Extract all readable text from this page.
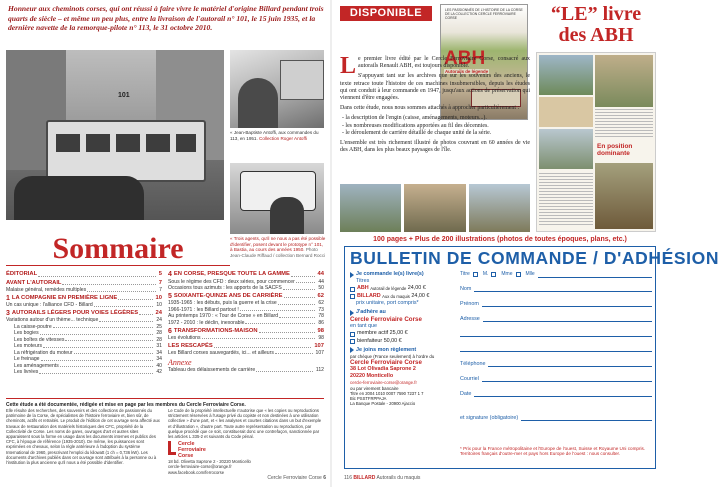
Honneur aux cheminots corses, qui ont réussi à faire vivre le matériel d'origine Billard pendant trois quarts de siècle – et même un peu plus, entre la livraison de l'autorail n° 101, le 15 juin 1935, et la dernière navette de la remorque-pilote n° 113, le 31 octobre 2010.
101
« Jean-Baptiste Antoffi, aux commandes du 113, en 1951. Collection Roger Antoffi
« Trois agents, qu'il ne nous a pas été possible d'identifier, posent devant le prototype n° 101, à Bastia, au cours des années 1950. Photo Jean-Claude Riffaud / collection Bernard Rocci
Sommaire
ÉDITORIAL	5
AVANT L'AUTORAIL	7
Malaise général, remèdes multiples	7
1 LA COMPAGNIE EN PREMIÈRE LIGNE	10
Un cas unique : l'alliance CFD - Billard	10
3 AUTORAILS LÉGERS POUR VOIES LÉGÈRES	24
Variations autour d'un thème... technique	24
La caisse-poutre	25
Les bogies	28
Les boîtes de vitesses	28
Les moteurs	31
La réfrigération du moteur	34
Le freinage	34
Les aménagements	40
Les livrées	42
4 EN CORSE, PRESQUE TOUTE LA GAMME	44
Sous le régime des CFD : deux séries, pour commencer	44
Occasions tous azimuts : les apports de la SACFS	50
5 SOIXANTE-QUINZE ANS DE CARRIÈRE	62
1935-1965 : les débuts, puis la guerre et la crise	62
1966-1971 : les Billard partout !	73
Au printemps 1970 : « Tour de Corse » en Billard	78
1972 - 2010 : le déclin, inexorable	86
6 TRANSFORMATIONS-MAISON	98
Les évolutions	98
LES RESCAPÉS	107
Les Billard corses sauvegardés, ici... et ailleurs	107
Annexe
Tableau des délaissements de carrière	112
Cette étude a été documentée, rédigée et mise en page par les membres du Cercle Ferroviaire Corse.
Elle résulte des recherches, des souvenirs et des collections de passionnés du patrimoine de la Corse, de spécialistes de l'histoire ferroviaire et, bien sûr, de cheminots, actifs et retraités. Le produit de l'édition de cet ouvrage sera affecté aux travaux de restauration des matériels historiques des CFC, propriété de la Collectivité de Corse. Les noms de gares, ouvrages d'art et autres sites apparaissent sous la forme en usage dans les documents internes et publics des CFC, à l'époque de référence (1935-2010). De même, les puissances sont exprimées en chevaux, selon la règle antérieure à l'adoption du système International de 1960, prescrivant l'emploi du kilowatt (1 ch = 0,736 kW). Les documents d'archives publiés dans cet ouvrage sont attribués à la personne ou à l'institution la plus ancienne qu'il nous a été possible d'identifier.
Le Code de la propriété intellectuelle n'autorise que « les copies ou reproductions strictement réservées à l'usage privé du copiste et non destinées à une utilisation collective » d'une part, et « les analyses et courtes citations dans un but d'exemple et d'illustration », d'autre part. Toute autre représentation ou reproduction, par quelque procédé que ce soit, constituerait donc une contrefaçon, sanctionnée par les articles L 335-2 et suivants du Code pénal.
Cercle
Ferroviaire
Corse
18 bd. Olivetta Saprone 2 - 20220 Monticello
cercle-ferroviaire-corse@orange.fr
www.facebook.com/ferrocorse
Cercle Ferroviaire Corse 6
DISPONIBLE	LES PASSIONNÉS DE L'HISTOIRE DE LA CORSE DE LA COLLECTION CERCLE FERROVIAIRE CORSE
ABH
Autorails de légende
“LE” livre
des ABH
En position dominante

Le premier livre édité par le Cercle Ferroviaire Corse, consacré aux autorails Renault ABH, est toujours disponible.

S'appuyant tant sur les archives que sur les souvenirs des anciens, le texte retrace toute l'histoire de ces machines insubmersibles, depuis les études qui ont conduit à leur commande en 1947, jusqu'aux actions de préservation qui viennent d'être engagées.

Dans cette étude, nous nous sommes attachés à approcher particulièrement :

- la description de l'engin (caisse, aménagements, moteurs...).
- les nombreuses modifications apportées au fil des décennies.
- le déroulement de carrière détaillé de chaque unité de la série.

L'ensemble est très richement illustré de photos couvrant en 60 années de vie des ABH, dans les plus beaux paysages de l'île.

100 pages + Plus de 200 illustrations (photos de toutes époques, plans, etc.)
BULLETIN DE COMMANDE / D'ADHÉSION
Je commande le(s) livre(s)
Titres
ABH
Autorail de légende
24,00 €
BILLARD
Aux du maquis
24,00 €
prix unitaire, port compris*
J'adhère au
Cercle Ferroviaire Corse
en tant que
membre actif
25,00 €
bienfaiteur
50,00 €
Je joins mon règlement
par chèque (France seulement) à l'ordre du
Cercle Ferroviaire Corse
38 Lot Olivadia Saprone 2
20220 Monticello
cercle-ferroviaire-corse@orange.fr
ou par virement bancaire
Titre en 2004 1010 0007 7590 7237 1 7
Bic PSSTFRPPAJA
La Banque Postale - 20900 Ajaccio
Titre	M.	Mme	Mlle
Nom
Prénom
Adresse
Téléphone
Courriel
Date
et signature (obligatoire)
* Prix pour la France métropolitaine et l'Europe de l'ouest, Suisse et Royaume Uni compris. Territoires français d'outre-mer et pays hors Europe de l'ouest : nous consulter.
116 BILLARD Autorails du maquis
